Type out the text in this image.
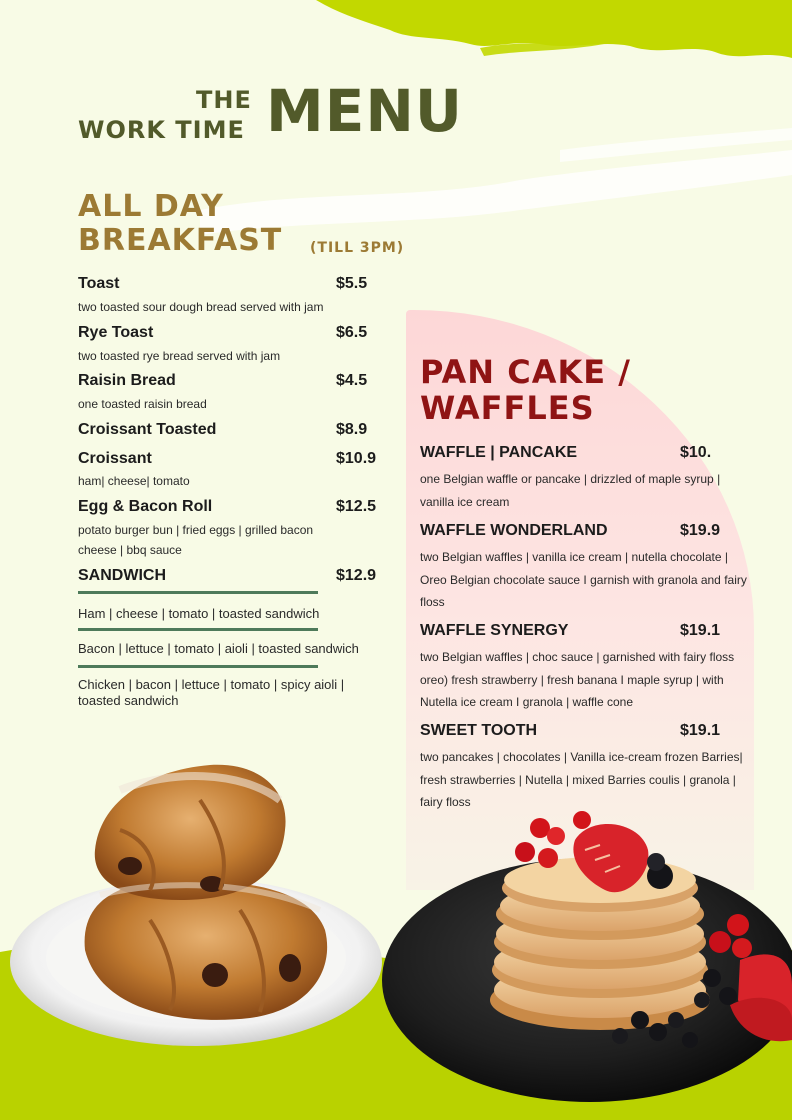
THE
WORK TIME MENU
ALL DAY
BREAKFAST (TILL 3PM)
Toast	$5.5
two toasted sour dough bread served with jam
Rye Toast	$6.5
two toasted rye bread served with jam
Raisin Bread	$4.5
one toasted raisin bread
Croissant Toasted	$8.9
Croissant	$10.9
ham| cheese| tomato
Egg & Bacon Roll	$12.5
potato burger bun | fried eggs | grilled bacon cheese | bbq sauce
SANDWICH	$12.9
Ham | cheese | tomato | toasted sandwich
Bacon | lettuce | tomato | aioli | toasted sandwich
Chicken | bacon | lettuce | tomato | spicy aioli | toasted sandwich
PAN CAKE /
WAFFLES
WAFFLE | PANCAKE	$10.
one Belgian waffle or pancake | drizzled of maple syrup | vanilla ice cream
WAFFLE WONDERLAND	$19.9
two Belgian waffles | vanilla ice cream | nutella chocolate | Oreo Belgian chocolate sauce I garnish with granola and fairy floss
WAFFLE SYNERGY	$19.1
two Belgian waffles | choc sauce | garnished with fairy floss oreo) fresh strawberry | fresh banana I maple syrup | with Nutella ice cream I granola | waffle cone
SWEET TOOTH	$19.1
two pancakes | chocolates | Vanilla ice-cream frozen Barries| fresh strawberries | Nutella | mixed Barries coulis | granola | fairy floss
